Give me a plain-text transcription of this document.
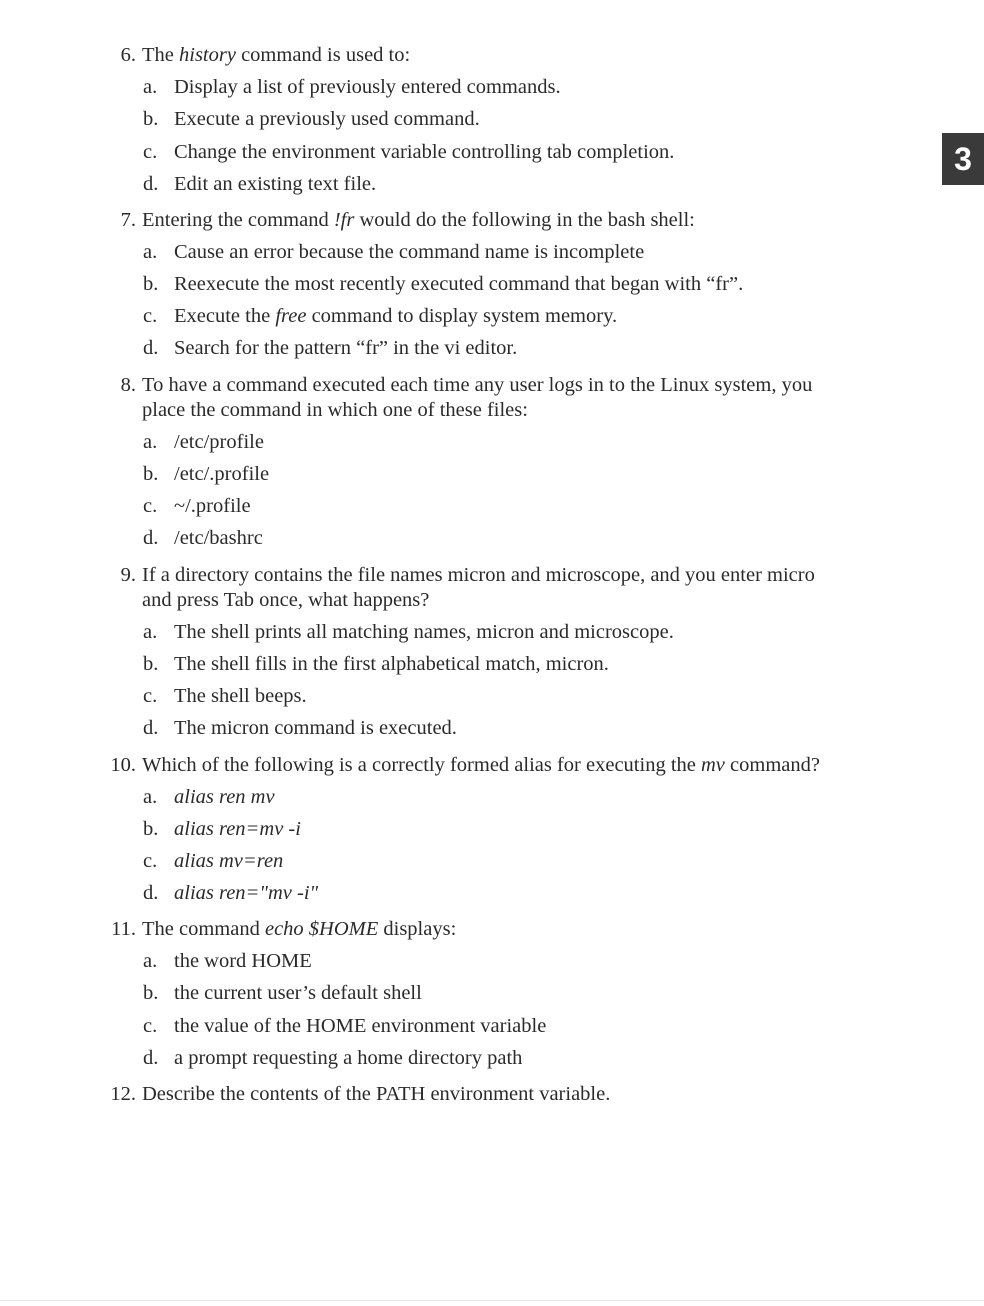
3
6. The history command is used to:
a. Display a list of previously entered commands.
b. Execute a previously used command.
c. Change the environment variable controlling tab completion.
d. Edit an existing text file.
7. Entering the command !fr would do the following in the bash shell:
a. Cause an error because the command name is incomplete
b. Reexecute the most recently executed command that began with “fr”.
c. Execute the free command to display system memory.
d. Search for the pattern “fr” in the vi editor.
8. To have a command executed each time any user logs in to the Linux system, you
place the command in which one of these files:
a. /etc/profile
b. /etc/.profile
c. ~/.profile
d. /etc/bashrc
9. If a directory contains the file names micron and microscope, and you enter micro
and press Tab once, what happens?
a. The shell prints all matching names, micron and microscope.
b. The shell fills in the first alphabetical match, micron.
c. The shell beeps.
d. The micron command is executed.
10. Which of the following is a correctly formed alias for executing the mv command?
a. alias ren mv
b. alias ren=mv -i
c. alias mv=ren
d. alias ren="mv -i"
11. The command echo $HOME displays:
a. the word HOME
b. the current user’s default shell
c. the value of the HOME environment variable
d. a prompt requesting a home directory path
12. Describe the contents of the PATH environment variable.
